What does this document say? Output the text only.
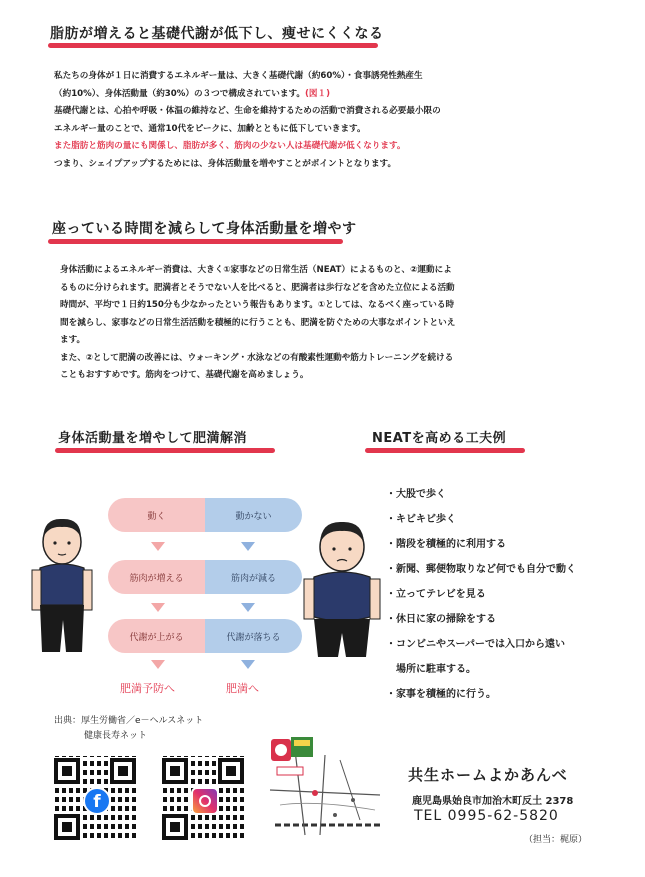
脂肪が増えると基礎代謝が低下し、痩せにくくなる
私たちの身体が１日に消費するエネルギー量は、大きく基礎代謝（約60%）・食事誘発性熱産生
（約10%）、身体活動量（約30%）の３つで構成されています。(図１)
基礎代謝とは、心拍や呼吸・体温の維持など、生命を維持するための活動で消費される必要最小限の
エネルギー量のことで、通常10代をピークに、加齢とともに低下していきます。
また脂肪と筋肉の量にも関係し、脂肪が多く、筋肉の少ない人は基礎代謝が低くなります。
つまり、シェイプアップするためには、身体活動量を増やすことがポイントとなります。
座っている時間を減らして身体活動量を増やす
身体活動によるエネルギー消費は、大きく①家事などの日常生活（NEAT）によるものと、②運動によ
るものに分けられます。肥満者とそうでない人を比べると、肥満者は歩行などを含めた立位による活動
時間が、平均で１日約150分も少なかったという報告もあります。①としては、なるべく座っている時
間を減らし、家事などの日常生活活動を積極的に行うことも、肥満を防ぐための大事なポイントといえ
ます。
また、②として肥満の改善には、ウォーキング・水泳などの有酸素性運動や筋力トレーニングを続ける
こともおすすめです。筋肉をつけて、基礎代謝を高めましょう。
身体活動量を増やして肥満解消
動く	動かない
筋肉が増える	筋肉が減る
代謝が上がる	代謝が落ちる
肥満予防へ	肥満へ
NEATを高める工夫例
・大股で歩く
・キビキビ歩く
・階段を積極的に利用する
・新聞、郵便物取りなど何でも自分で動く
・立ってテレビを見る
・休日に家の掃除をする
・コンビニやスーパーでは入口から遠い
　場所に駐車する。
・家事を積極的に行う。
出典：厚生労働省／e－ヘルスネット
健康長寿ネット
f
共生ホームよかあんべ
鹿児島県始良市加治木町反土 2378
TEL 0995-62-5820
（担当：梶原）
